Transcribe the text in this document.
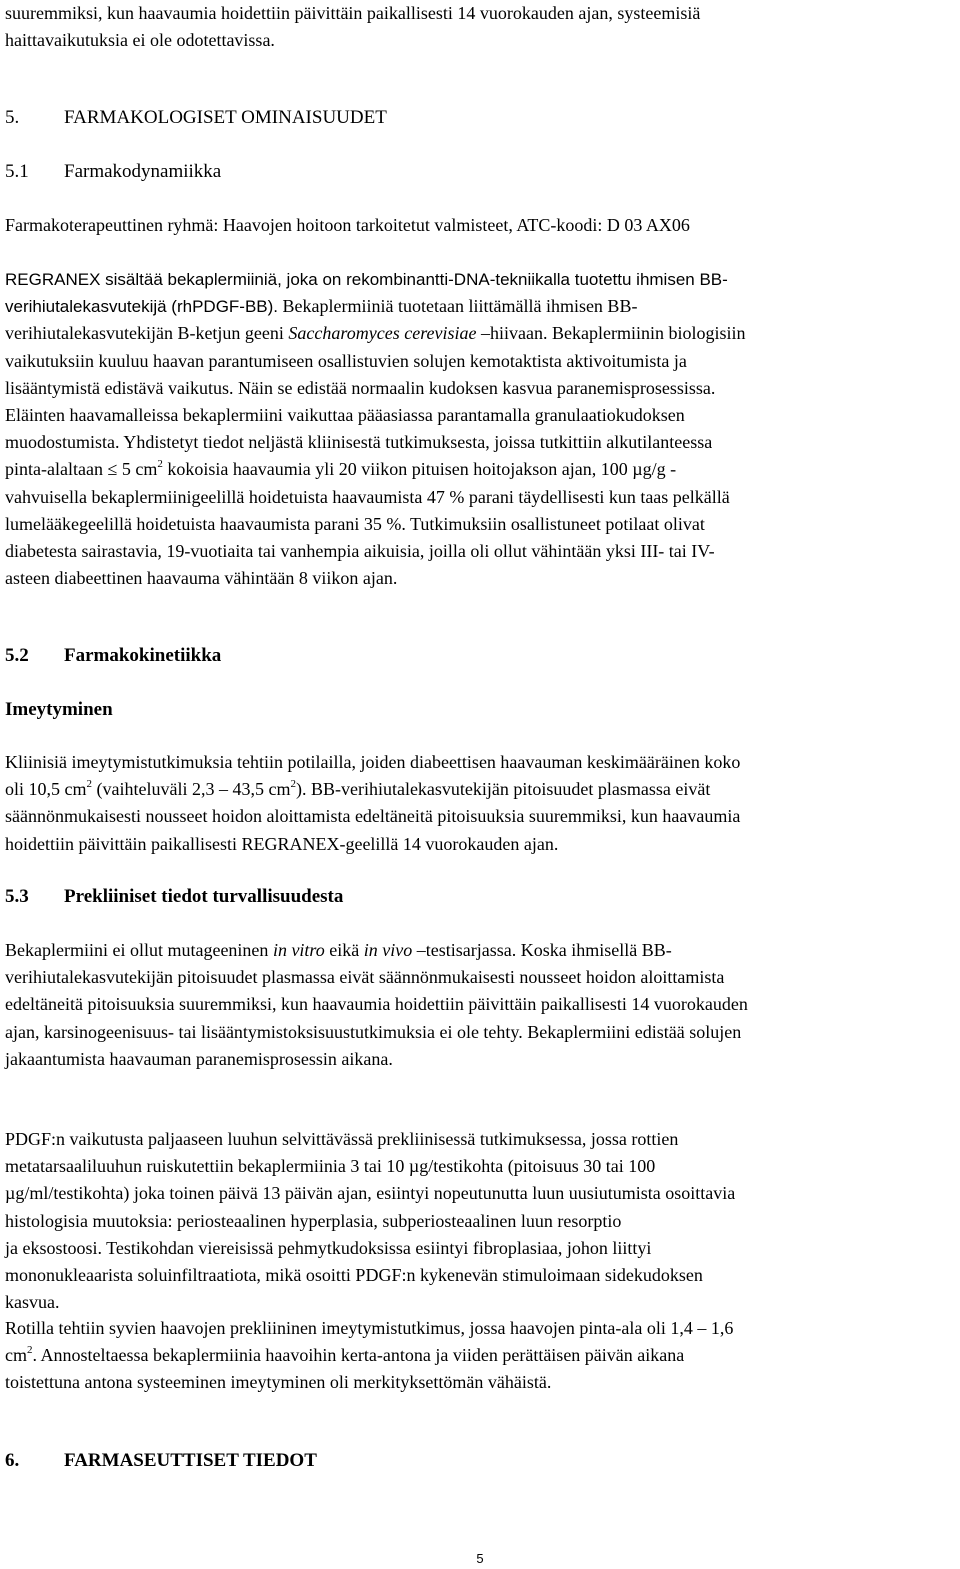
suuremmiksi, kun haavaumia hoidettiin päivittäin paikallisesti 14 vuorokauden ajan, systeemisiä
haittavaikutuksia ei ole odotettavissa.

5. FARMAKOLOGISET OMINAISUUDET
5.1 Farmakodynamiikka

Farmakoterapeuttinen ryhmä: Haavojen hoitoon tarkoitetut valmisteet, ATC-koodi: D 03 AX06

REGRANEX sisältää bekaplermiiniä, joka on rekombinantti-DNA-tekniikalla tuotettu ihmisen BB-
verihiutalekasvutekijä (rhPDGF-BB). Bekaplermiiniä tuotetaan liittämällä ihmisen BB-
verihiutalekasvutekijän B-ketjun geeni Saccharomyces cerevisiae –hiivaan. Bekaplermiinin biologisiin
vaikutuksiin kuuluu haavan parantumiseen osallistuvien solujen kemotaktista aktivoitumista ja
lisääntymistä edistävä vaikutus. Näin se edistää normaalin kudoksen kasvua paranemisprosessissa.
Eläinten haavamalleissa bekaplermiini vaikuttaa pääasiassa parantamalla granulaatiokudoksen
muodostumista. Yhdistetyt tiedot neljästä kliinisestä tutkimuksesta, joissa tutkittiin alkutilanteessa
pinta-alaltaan ≤ 5 $cm^2$ kokoisia haavaumia yli 20 viikon pituisen hoitojakson ajan, 100 µg/g -
vahvuisella bekaplermiinigeelillä hoidetuista haavaumista 47 % parani täydellisesti kun taas pelkällä
lumelääkegeelillä hoidetuista haavaumista parani 35 %. Tutkimuksiin osallistuneet potilaat olivat
diabetesta sairastavia, 19-vuotiaita tai vanhempia aikuisia, joilla oli ollut vähintään yksi III- tai IV-
asteen diabeettinen haavauma vähintään 8 viikon ajan.

5.2 Farmakokinetiikka
Imeytyminen

Kliinisiä imeytymistutkimuksia tehtiin potilailla, joiden diabeettisen haavauman keskimääräinen koko
oli 10,5 $cm^2$ (vaihteluväli 2,3 – 43,5 $cm^2$). BB-verihiutalekasvutekijän pitoisuudet plasmassa eivät
säännönmukaisesti nousseet hoidon aloittamista edeltäneitä pitoisuuksia suuremmiksi, kun haavaumia
hoidettiin päivittäin paikallisesti REGRANEX-geelillä 14 vuorokauden ajan.

5.3 Prekliiniset tiedot turvallisuudesta

Bekaplermiini ei ollut mutageeninen in vitro eikä in vivo –testisarjassa. Koska ihmisellä BB-
verihiutalekasvutekijän pitoisuudet plasmassa eivät säännönmukaisesti nousseet hoidon aloittamista
edeltäneitä pitoisuuksia suuremmiksi, kun haavaumia hoidettiin päivittäin paikallisesti 14 vuorokauden
ajan, karsinogeenisuus- tai lisääntymistoksisuustutkimuksia ei ole tehty. Bekaplermiini edistää solujen
jakaantumista haavauman paranemisprosessin aikana.

PDGF:n vaikutusta paljaaseen luuhun selvittävässä prekliinisessä tutkimuksessa, jossa rottien
metatarsaaliluuhun ruiskutettiin bekaplermiinia 3 tai 10 µg/testikohta (pitoisuus 30 tai 100
µg/ml/testikohta) joka toinen päivä 13 päivän ajan, esiintyi nopeutunutta luun uusiutumista osoittavia
histologisia muutoksia: periosteaalinen hyperplasia, subperiosteaalinen luun resorptio
ja eksostoosi. Testikohdan viereisissä pehmytkudoksissa esiintyi fibroplasiaa, johon liittyi
mononukleaarista soluinfiltraatiota, mikä osoitti PDGF:n kykenevän stimuloimaan sidekudoksen
kasvua.

Rotilla tehtiin syvien haavojen prekliininen imeytymistutkimus, jossa haavojen pinta-ala oli 1,4 – 1,6
$cm^2$. Annosteltaessa bekaplermiinia haavoihin kerta-antona ja viiden perättäisen päivän aikana
toistettuna antona systeeminen imeytyminen oli merkityksettömän vähäistä.

6. FARMASEUTTISET TIEDOT
5
